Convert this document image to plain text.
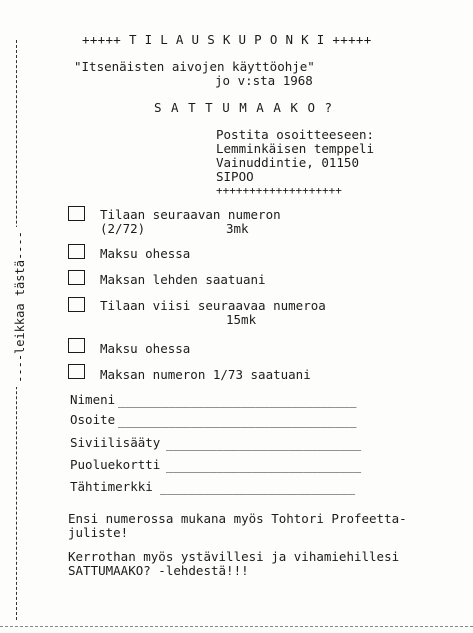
----leikkaa tästä----
+++++ T I L A U S K U P O N K I +++++
"Itsenäisten aivojen käyttöohje"
jo v:sta 1968
S A T T U M A A K O ?
Postita osoitteeseen:
Lemminkäisen temppeli
Vainuddintie, 01150
SIPOO
+++++++++++++++++++
Tilaan seuraavan numeron
(2/72)	3mk
Maksu ohessa
Maksan lehden saatuani
Tilaan viisi seuraavaa numeroa
15mk
Maksu ohessa
Maksan numeron 1/73 saatuani
Nimeni _________________________________
Osoite _________________________________
Siviilisääty ___________________________
Puoluekortti ___________________________
Tähtimerkki ___________________________
Ensi numerossa mukana myös Tohtori Profeetta-
juliste!
Kerrothan myös ystävillesi ja vihamiehillesi
SATTUMAAKO? -lehdestä!!!
